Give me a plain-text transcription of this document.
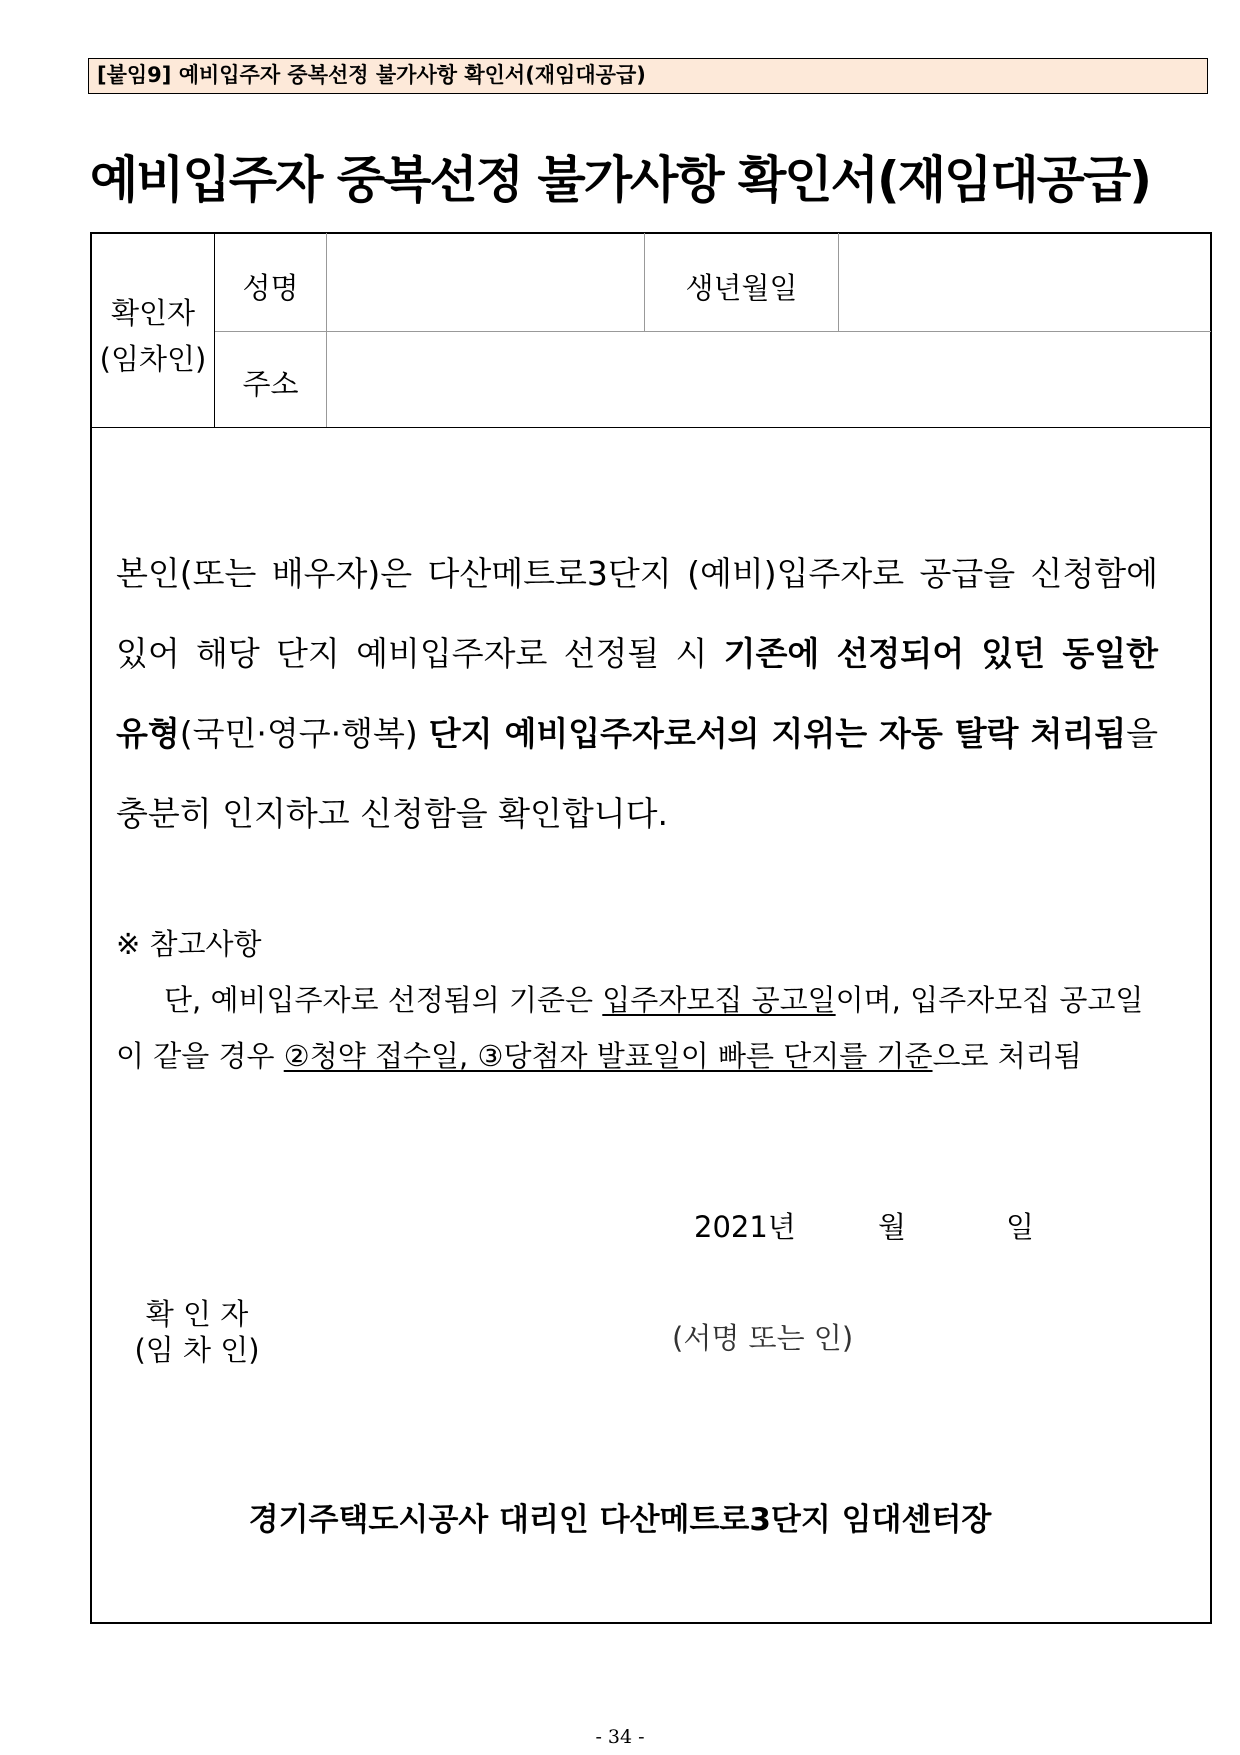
[붙임9] 예비입주자 중복선정 불가사항 확인서(재임대공급)
예비입주자 중복선정 불가사항 확인서(재임대공급)
확인자
(임차인)
성명	생년월일
주소
본인(또는 배우자)은 다산메트로3단지 (예비)입주자로 공급을 신청함에
있어 해당 단지 예비입주자로 선정될 시 기존에 선정되어 있던 동일한
유형(국민·영구·행복) 단지 예비입주자로서의 지위는 자동 탈락 처리됨을
충분히 인지하고 신청함을 확인합니다.
※ 참고사항
단, 예비입주자로 선정됨의 기준은 입주자모집 공고일이며, 입주자모집 공고일
이 같을 경우 ②청약 접수일, ③당첨자 발표일이 빠른 단지를 기준으로 처리됨
2021년	월	일
확 인 자
(임 차 인)	(서명 또는 인)
경기주택도시공사 대리인 다산메트로3단지 임대센터장
- 34 -
